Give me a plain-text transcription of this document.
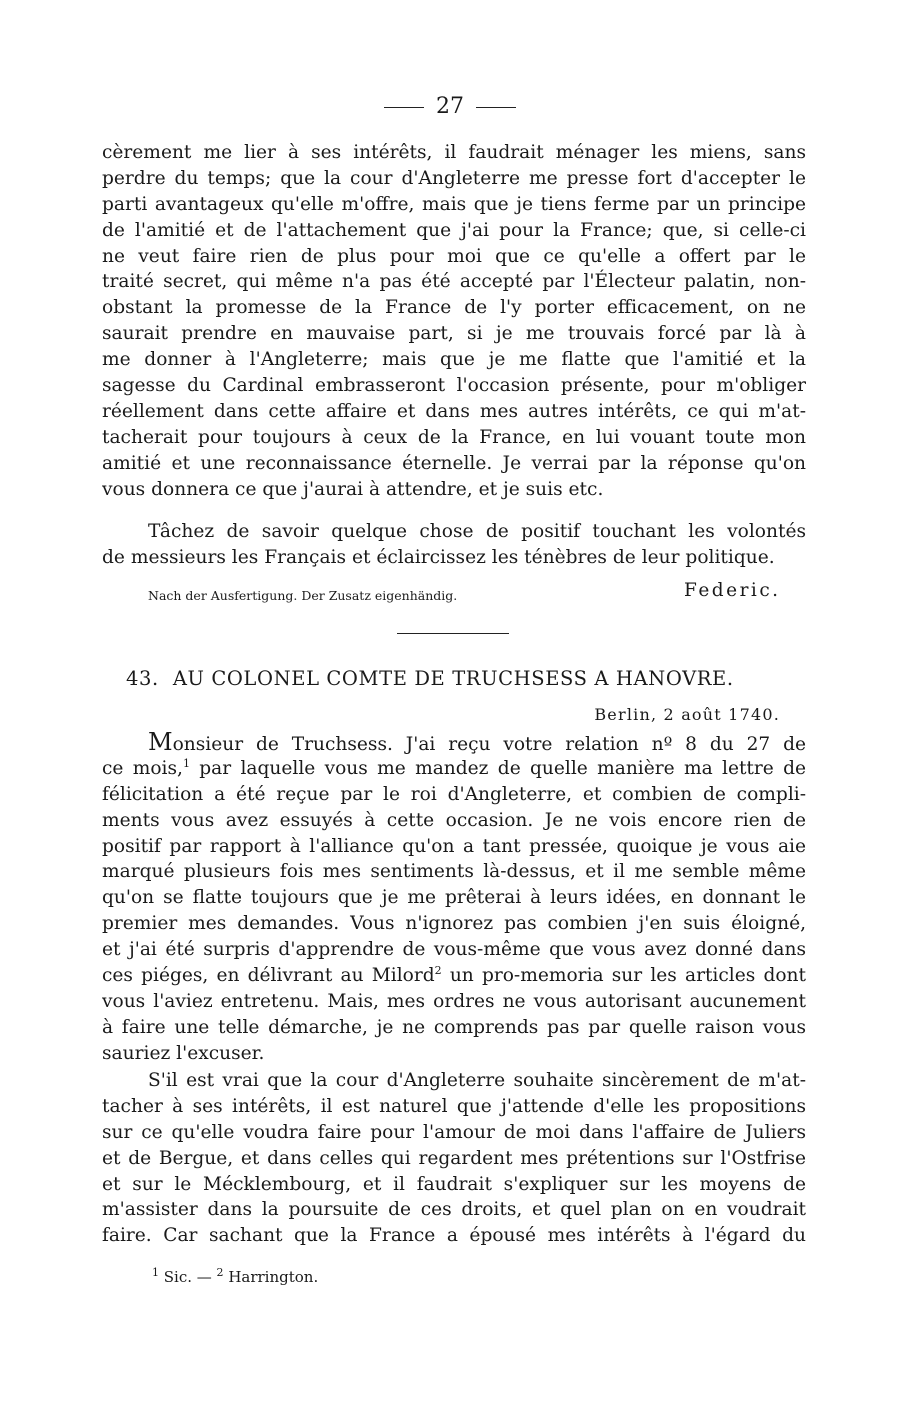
27
cèrement me lier à ses intérêts, il faudrait ménager les miens, sans
perdre du temps; que la cour d'Angleterre me presse fort d'accepter le
parti avantageux qu'elle m'offre, mais que je tiens ferme par un principe
de l'amitié et de l'attachement que j'ai pour la France; que, si celle-ci
ne veut faire rien de plus pour moi que ce qu'elle a offert par le
traité secret, qui même n'a pas été accepté par l'Électeur palatin, non-
obstant la promesse de la France de l'y porter efficacement, on ne
saurait prendre en mauvaise part, si je me trouvais forcé par là à
me donner à l'Angleterre; mais que je me flatte que l'amitié et la
sagesse du Cardinal embrasseront l'occasion présente, pour m'obliger
réellement dans cette affaire et dans mes autres intérêts, ce qui m'at-
tacherait pour toujours à ceux de la France, en lui vouant toute mon
amitié et une reconnaissance éternelle. Je verrai par la réponse qu'on
vous donnera ce que j'aurai à attendre, et je suis etc.
Tâchez de savoir quelque chose de positif touchant les volontés
de messieurs les Français et éclaircissez les ténèbres de leur politique.
Nach der Ausfertigung. Der Zusatz eigenhändig.	Federic.
43. AU COLONEL COMTE DE TRUCHSESS A HANOVRE.
Berlin, 2 août 1740.
Monsieur de Truchsess. J'ai reçu votre relation nº 8 du 27 de
ce mois,$^1$ par laquelle vous me mandez de quelle manière ma lettre de
félicitation a été reçue par le roi d'Angleterre, et combien de compli-
ments vous avez essuyés à cette occasion. Je ne vois encore rien de
positif par rapport à l'alliance qu'on a tant pressée, quoique je vous aie
marqué plusieurs fois mes sentiments là-dessus, et il me semble même
qu'on se flatte toujours que je me prêterai à leurs idées, en donnant le
premier mes demandes. Vous n'ignorez pas combien j'en suis éloigné,
et j'ai été surpris d'apprendre de vous-même que vous avez donné dans
ces piéges, en délivrant au Milord$^2$ un pro-memoria sur les articles dont
vous l'aviez entretenu. Mais, mes ordres ne vous autorisant aucunement
à faire une telle démarche, je ne comprends pas par quelle raison vous
sauriez l'excuser.
S'il est vrai que la cour d'Angleterre souhaite sincèrement de m'at-
tacher à ses intérêts, il est naturel que j'attende d'elle les propositions
sur ce qu'elle voudra faire pour l'amour de moi dans l'affaire de Juliers
et de Bergue, et dans celles qui regardent mes prétentions sur l'Ostfrise
et sur le Mécklembourg, et il faudrait s'expliquer sur les moyens de
m'assister dans la poursuite de ces droits, et quel plan on en voudrait
faire. Car sachant que la France a épousé mes intérêts à l'égard du
$^1$ Sic. — $^2$ Harrington.
